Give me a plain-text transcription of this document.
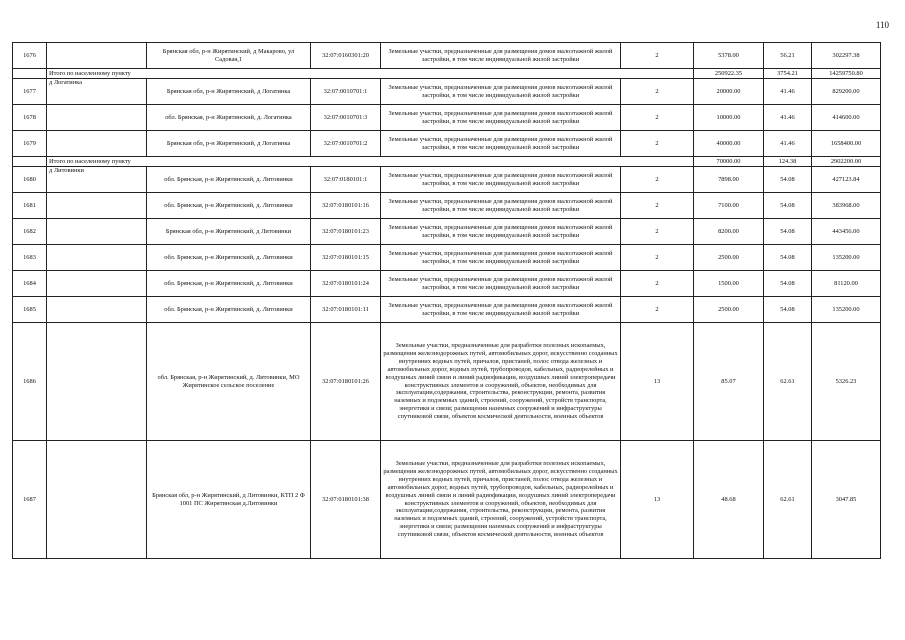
110
1676		Брянская обл, р-н Жирятинский, д Макарово, ул Садовая,1	32:07:0160301:20	Земельные участки, предназначенные для размещения домов малоэтажной жилой застройки, в том числе индивидуальной жилой застройки	2	5378.00	56.21	302297.38
	Итого по населенному пункту					250922.35	3754.21	14259750.80
1677	д Логатинка	Брянская обл, р-н Жирятинский, д Логатинка	32:07:0010701:1	Земельные участки, предназначенные для размещения домов малоэтажной жилой застройки, в том числе индивидуальной жилой застройки	2	20000.00	41.46	829200.00
1678		обл. Брянская, р-н Жирятинский, д. Логатинка	32:07:0010701:3	Земельные участки, предназначенные для размещения домов малоэтажной жилой застройки, в том числе индивидуальной жилой застройки	2	10000.00	41.46	414600.00
1679		Брянская обл, р-н Жирятинский, д Логатинка	32:07:0010701:2	Земельные участки, предназначенные для размещения домов малоэтажной жилой застройки, в том числе индивидуальной жилой застройки	2	40000.00	41.46	1658400.00
	Итого по населенному пункту					70000.00	124.38	2902200.00
1680	д Литовинки	обл. Брянская, р-н Жирятинский, д. Литовинки	32:07:0180101:1	Земельные участки, предназначенные для размещения домов малоэтажной жилой застройки, в том числе индивидуальной жилой застройки	2	7898.00	54.08	427123.84
1681		обл. Брянская, р-н Жирятинский, д. Литовинки	32:07:0180101:16	Земельные участки, предназначенные для размещения домов малоэтажной жилой застройки, в том числе индивидуальной жилой застройки	2	7100.00	54.08	383968.00
1682		Брянская обл, р-н Жирятинский, д Литовинки	32:07:0180101:23	Земельные участки, предназначенные для размещения домов малоэтажной жилой застройки, в том числе индивидуальной жилой застройки	2	8200.00	54.08	443456.00
1683		обл. Брянская, р-н Жирятинский, д. Литовинки	32:07:0180101:15	Земельные участки, предназначенные для размещения домов малоэтажной жилой застройки, в том числе индивидуальной жилой застройки	2	2500.00	54.08	135200.00
1684		обл. Брянская, р-н Жирятинский, д. Литовинки	32:07:0180101:24	Земельные участки, предназначенные для размещения домов малоэтажной жилой застройки, в том числе индивидуальной жилой застройки	2	1500.00	54.08	81120.00
1685		обл. Брянская, р-н Жирятинский, д. Литовинки	32:07:0180101:11	Земельные участки, предназначенные для размещения домов малоэтажной жилой застройки, в том числе индивидуальной жилой застройки	2	2500.00	54.08	135200.00
1686		обл. Брянская, р-н Жирятинский, д. Литовинки, МО Жирятинское сельское поселение	32:07:0180101:26	Земельные участки, предназначенные для разработки полезных ископаемых, размещения железнодорожных путей, автомобильных дорог, искусственно созданных внутренних водных путей, причалов, пристаней, полос отвода железных и автомобильных дорог, водных путей, трубопроводов, кабельных, радиорелейных и воздушных линий связи и линий радиофикации, воздушных линий электропередачи конструктивных элементов и сооружений, объектов, необходимых для эксплуатации,содержания, строительства, реконструкции, ремонта, развития наземных и подземных зданий, строений, сооружений, устройств транспорта, энергетики и связи; размещения наземных сооружений и инфраструктуры спутниковой связи, объектов космической деятельности, военных объектов	13	85.07	62.61	5326.23
1687		Брянская обл, р-н Жирятинский, д Литовинки, КТП 2 Ф 1001 ПС Жирятинская д.Литовинки	32:07:0180101:38	Земельные участки, предназначенные для разработки полезных ископаемых, размещения железнодорожных путей, автомобильных дорог, искусственно созданных внутренних водных путей, причалов, пристаней, полос отвода железных и автомобильных дорог, водных путей, трубопроводов, кабельных, радиорелейных и воздушных линий связи и линий радиофикации, воздушных линий электропередачи конструктивных элементов и сооружений, объектов, необходимых для эксплуатации,содержания, строительства, реконструкции, ремонта, развития наземных и подземных зданий, строений, сооружений, устройств транспорта, энергетики и связи; размещения наземных сооружений и инфраструктуры спутниковой связи, объектов космической деятельности, военных объектов	13	48.68	62.61	3047.85
